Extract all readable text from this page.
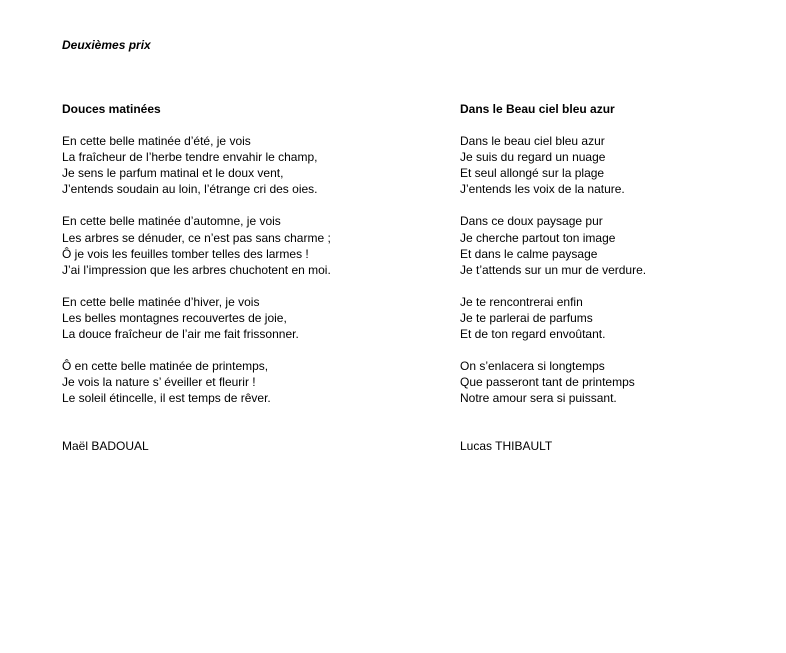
Deuxièmes prix
Douces matinées
En cette belle matinée d’été, je vois
La fraîcheur de l’herbe tendre envahir le champ,
Je sens le parfum matinal et le doux vent,
J’entends soudain au loin, l’étrange cri des oies.
En cette belle matinée d’automne, je vois
Les arbres se dénuder, ce n’est pas sans charme ;
Ô je vois les feuilles tomber telles des larmes !
J’ai l’impression que les arbres chuchotent en moi.
En cette belle matinée d’hiver, je vois
Les belles montagnes recouvertes de joie,
La douce fraîcheur de l’air me fait frissonner.
Ô en cette belle matinée de printemps,
Je vois la nature s’ éveiller et fleurir !
Le soleil étincelle, il est temps de rêver.
Dans le Beau ciel bleu azur
Dans le beau ciel bleu azur
Je suis du regard un nuage
Et seul allongé sur la plage
J’entends les voix de la nature.
Dans ce doux paysage pur
Je cherche partout ton image
Et dans le calme paysage
Je t’attends sur un mur de verdure.
Je te rencontrerai enfin
Je te parlerai de parfums
Et de ton regard envoûtant.
On s’enlacera si longtemps
Que passeront tant de printemps
Notre amour sera si puissant.
Maël BADOUAL	Lucas THIBAULT
